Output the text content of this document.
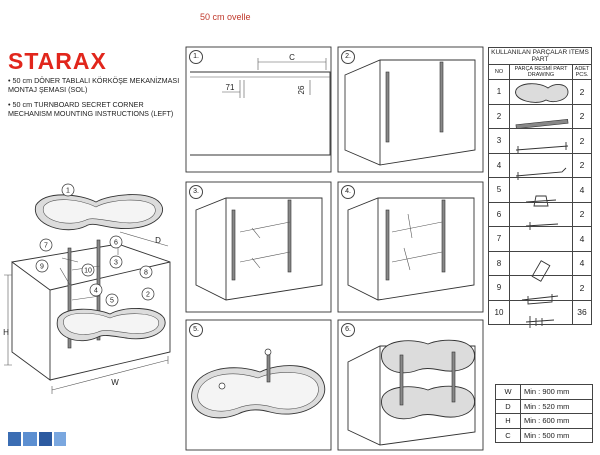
50 cm ovelle
STARAX
• 50 cm DÖNER TABLALI KÖRKÖŞE MEKANİZMASI MONTAJ ŞEMASI (SOL)
• 50 cm TURNBOARD SECRET CORNER MECHANISM MOUNTING INSTRUCTIONS (LEFT)
H
W
D
1
7	6
9
10
3
8
4
5
2
C
71	26
1.	2.
3.	4.
5.	6.
KULLANILAN PARÇALAR ITEMS PART		
NO	PARÇA RESMİ PART DRAWING	ADET PCS.
1		2
2		2
3		2
4		2
5		4
6		2
7		4
8		4
9		2
10		36
W	Min : 900 mm
D	Min : 520 mm
H	Min : 600 mm
C	Min : 500 mm
